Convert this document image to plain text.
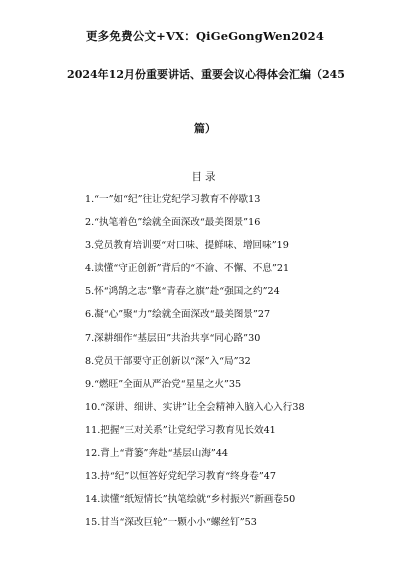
更多免费公文+VX：QiGeGongWen2024
2024年12月份重要讲话、重要会议心得体会汇编（245
篇）
目录
1.“一”如“纪”往让党纪学习教育不停歇13
2.“执笔着色”绘就全面深改“最美图景”16
3.党员教育培训要“对口味、提鲜味、增回味”19
4.读懂“守正创新”背后的“不渝、不懈、不息”21
5.怀“鸿鹄之志”擎“青春之旗”赴“强国之约”24
6.凝“心”聚“力”绘就全面深改“最美图景”27
7.深耕细作“基层田”共治共享“同心路”30
8.党员干部要守正创新以“深”入“局”32
9.“燃旺”全面从严治党“星星之火”35
10.“深讲、细讲、实讲”让全会精神入脑入心入行38
11.把握“三对关系”让党纪学习教育见长效41
12.背上“背篓”奔赴“基层山海”44
13.持“纪”以恒答好党纪学习教育“终身卷”47
14.读懂“纸短情长”执笔绘就“乡村振兴”新画卷50
15.甘当“深改巨轮”一颗小小“螺丝钉”53
